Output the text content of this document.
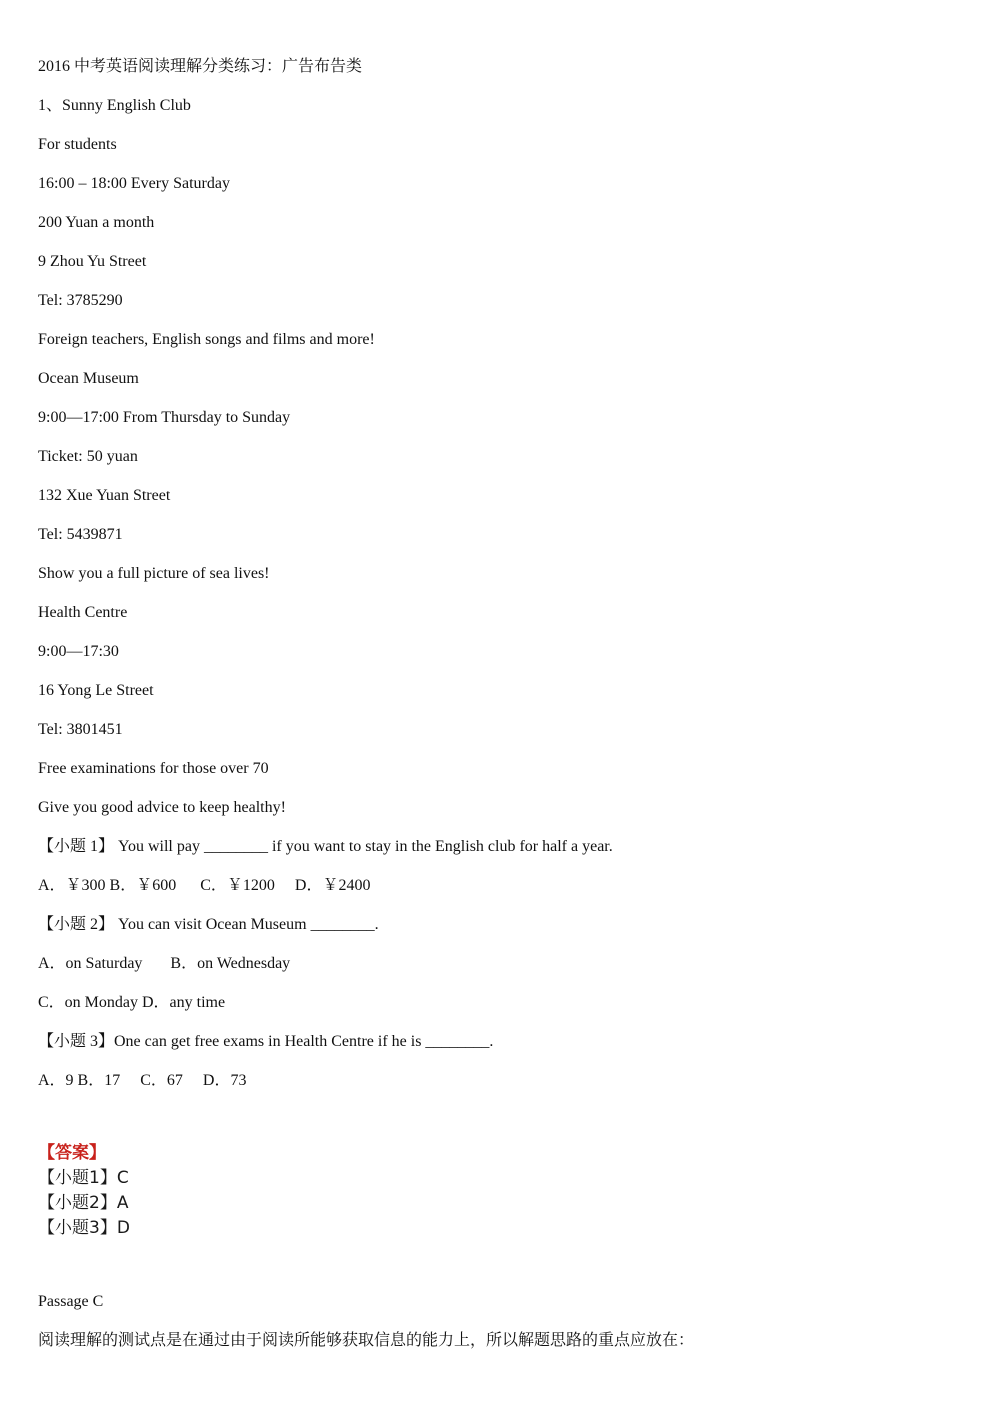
2016 中考英语阅读理解分类练习：广告布告类
1、Sunny English Club
For students
16:00 – 18:00 Every Saturday
200 Yuan a month
9 Zhou Yu Street
Tel: 3785290
Foreign teachers, English songs and films and more!
Ocean Museum
9:00—17:00 From Thursday to Sunday
Ticket: 50 yuan
132 Xue Yuan Street
Tel: 5439871
Show you a full picture of sea lives!
Health Centre
9:00—17:30
16 Yong Le Street
Tel: 3801451
Free examinations for those over 70
Give you good advice to keep healthy!
【小题 1】 You will pay ________ if you want to stay in the English club for half a year.
A．￥300 B．￥600      C．￥1200     D．￥2400
【小题 2】 You can visit Ocean Museum ________.
A．on Saturday       B．on Wednesday
C．on Monday D．any time
【小题 3】One can get free exams in Health Centre if he is ________.
A．9 B．17     C．67     D．73
【答案】
【小题1】C
【小题2】A
【小题3】D
Passage C
阅读理解的测试点是在通过由于阅读所能够获取信息的能力上，所以解题思路的重点应放在：
